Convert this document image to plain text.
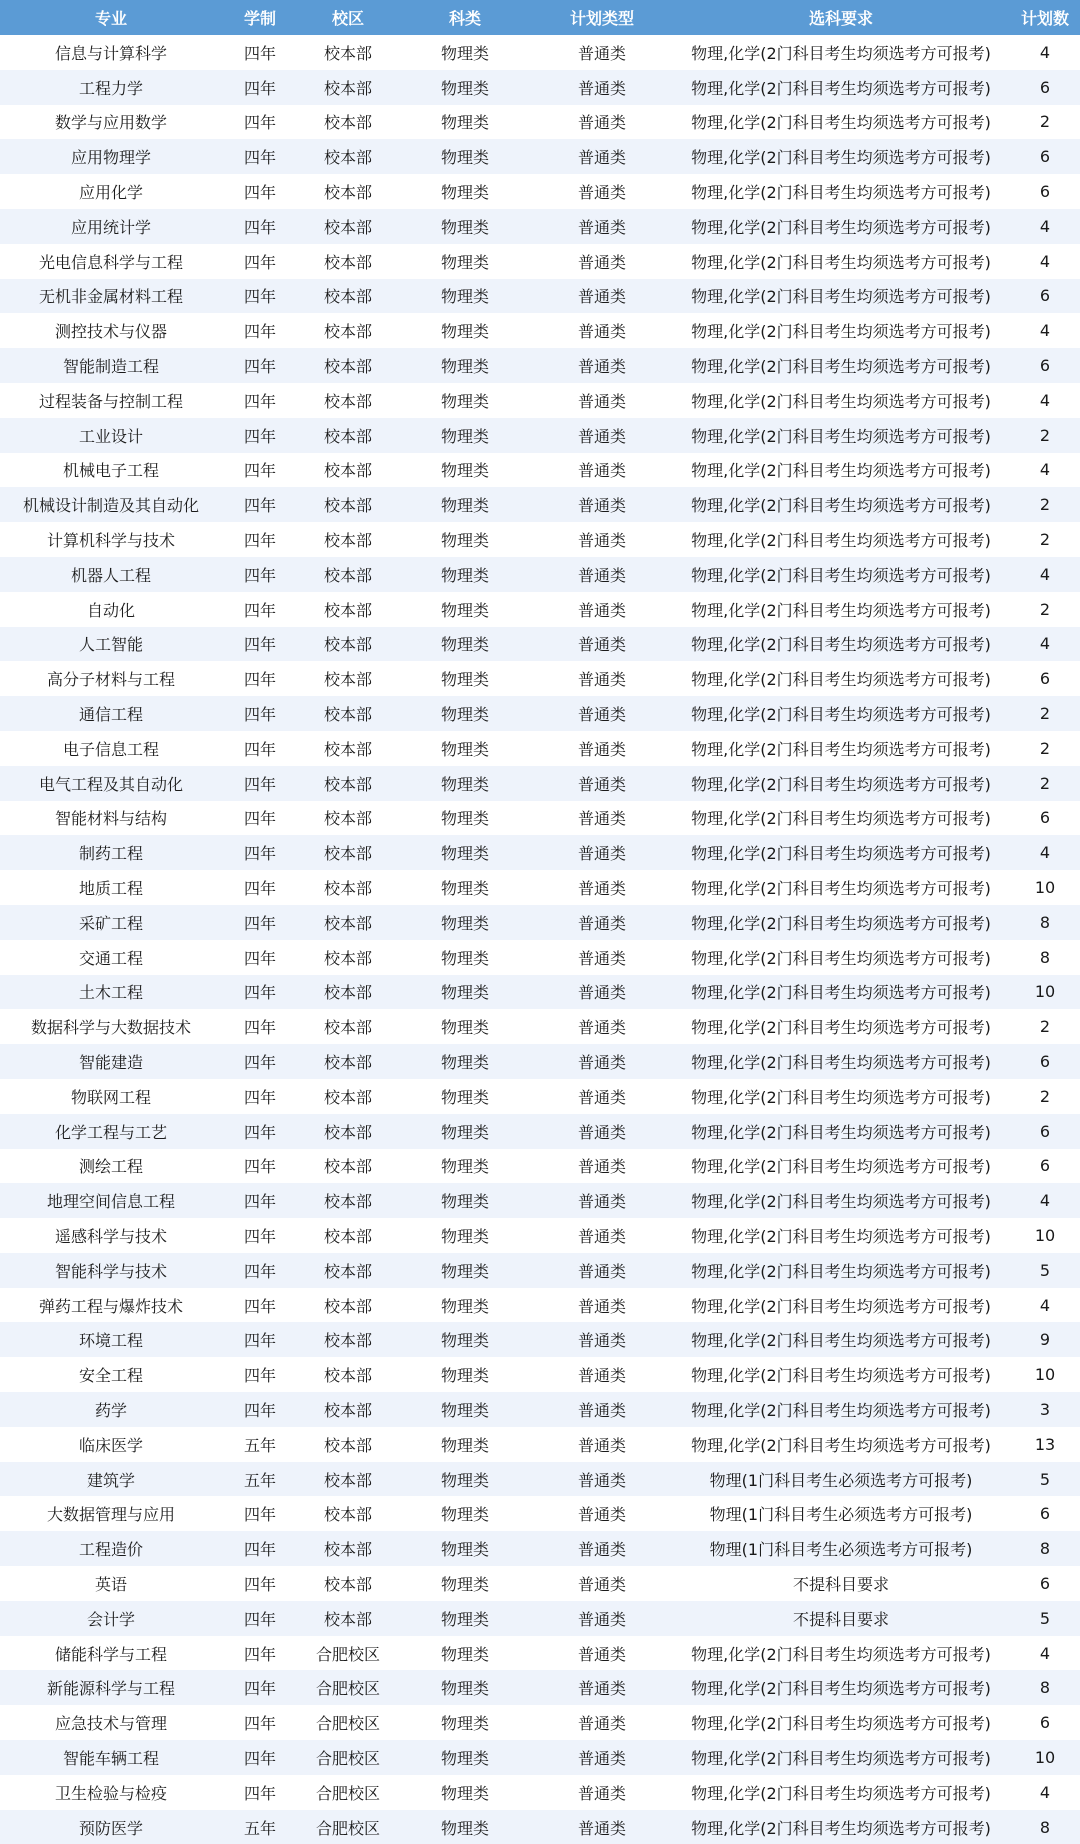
专业	学制	校区	科类	计划类型	选科要求	计划数
信息与计算科学	四年	校本部	物理类	普通类	物理,化学(2门科目考生均须选考方可报考)	4
工程力学	四年	校本部	物理类	普通类	物理,化学(2门科目考生均须选考方可报考)	6
数学与应用数学	四年	校本部	物理类	普通类	物理,化学(2门科目考生均须选考方可报考)	2
应用物理学	四年	校本部	物理类	普通类	物理,化学(2门科目考生均须选考方可报考)	6
应用化学	四年	校本部	物理类	普通类	物理,化学(2门科目考生均须选考方可报考)	6
应用统计学	四年	校本部	物理类	普通类	物理,化学(2门科目考生均须选考方可报考)	4
光电信息科学与工程	四年	校本部	物理类	普通类	物理,化学(2门科目考生均须选考方可报考)	4
无机非金属材料工程	四年	校本部	物理类	普通类	物理,化学(2门科目考生均须选考方可报考)	6
测控技术与仪器	四年	校本部	物理类	普通类	物理,化学(2门科目考生均须选考方可报考)	4
智能制造工程	四年	校本部	物理类	普通类	物理,化学(2门科目考生均须选考方可报考)	6
过程装备与控制工程	四年	校本部	物理类	普通类	物理,化学(2门科目考生均须选考方可报考)	4
工业设计	四年	校本部	物理类	普通类	物理,化学(2门科目考生均须选考方可报考)	2
机械电子工程	四年	校本部	物理类	普通类	物理,化学(2门科目考生均须选考方可报考)	4
机械设计制造及其自动化	四年	校本部	物理类	普通类	物理,化学(2门科目考生均须选考方可报考)	2
计算机科学与技术	四年	校本部	物理类	普通类	物理,化学(2门科目考生均须选考方可报考)	2
机器人工程	四年	校本部	物理类	普通类	物理,化学(2门科目考生均须选考方可报考)	4
自动化	四年	校本部	物理类	普通类	物理,化学(2门科目考生均须选考方可报考)	2
人工智能	四年	校本部	物理类	普通类	物理,化学(2门科目考生均须选考方可报考)	4
高分子材料与工程	四年	校本部	物理类	普通类	物理,化学(2门科目考生均须选考方可报考)	6
通信工程	四年	校本部	物理类	普通类	物理,化学(2门科目考生均须选考方可报考)	2
电子信息工程	四年	校本部	物理类	普通类	物理,化学(2门科目考生均须选考方可报考)	2
电气工程及其自动化	四年	校本部	物理类	普通类	物理,化学(2门科目考生均须选考方可报考)	2
智能材料与结构	四年	校本部	物理类	普通类	物理,化学(2门科目考生均须选考方可报考)	6
制药工程	四年	校本部	物理类	普通类	物理,化学(2门科目考生均须选考方可报考)	4
地质工程	四年	校本部	物理类	普通类	物理,化学(2门科目考生均须选考方可报考)	10
采矿工程	四年	校本部	物理类	普通类	物理,化学(2门科目考生均须选考方可报考)	8
交通工程	四年	校本部	物理类	普通类	物理,化学(2门科目考生均须选考方可报考)	8
土木工程	四年	校本部	物理类	普通类	物理,化学(2门科目考生均须选考方可报考)	10
数据科学与大数据技术	四年	校本部	物理类	普通类	物理,化学(2门科目考生均须选考方可报考)	2
智能建造	四年	校本部	物理类	普通类	物理,化学(2门科目考生均须选考方可报考)	6
物联网工程	四年	校本部	物理类	普通类	物理,化学(2门科目考生均须选考方可报考)	2
化学工程与工艺	四年	校本部	物理类	普通类	物理,化学(2门科目考生均须选考方可报考)	6
测绘工程	四年	校本部	物理类	普通类	物理,化学(2门科目考生均须选考方可报考)	6
地理空间信息工程	四年	校本部	物理类	普通类	物理,化学(2门科目考生均须选考方可报考)	4
遥感科学与技术	四年	校本部	物理类	普通类	物理,化学(2门科目考生均须选考方可报考)	10
智能科学与技术	四年	校本部	物理类	普通类	物理,化学(2门科目考生均须选考方可报考)	5
弹药工程与爆炸技术	四年	校本部	物理类	普通类	物理,化学(2门科目考生均须选考方可报考)	4
环境工程	四年	校本部	物理类	普通类	物理,化学(2门科目考生均须选考方可报考)	9
安全工程	四年	校本部	物理类	普通类	物理,化学(2门科目考生均须选考方可报考)	10
药学	四年	校本部	物理类	普通类	物理,化学(2门科目考生均须选考方可报考)	3
临床医学	五年	校本部	物理类	普通类	物理,化学(2门科目考生均须选考方可报考)	13
建筑学	五年	校本部	物理类	普通类	物理(1门科目考生必须选考方可报考)	5
大数据管理与应用	四年	校本部	物理类	普通类	物理(1门科目考生必须选考方可报考)	6
工程造价	四年	校本部	物理类	普通类	物理(1门科目考生必须选考方可报考)	8
英语	四年	校本部	物理类	普通类	不提科目要求	6
会计学	四年	校本部	物理类	普通类	不提科目要求	5
储能科学与工程	四年	合肥校区	物理类	普通类	物理,化学(2门科目考生均须选考方可报考)	4
新能源科学与工程	四年	合肥校区	物理类	普通类	物理,化学(2门科目考生均须选考方可报考)	8
应急技术与管理	四年	合肥校区	物理类	普通类	物理,化学(2门科目考生均须选考方可报考)	6
智能车辆工程	四年	合肥校区	物理类	普通类	物理,化学(2门科目考生均须选考方可报考)	10
卫生检验与检疫	四年	合肥校区	物理类	普通类	物理,化学(2门科目考生均须选考方可报考)	4
预防医学	五年	合肥校区	物理类	普通类	物理,化学(2门科目考生均须选考方可报考)	8
